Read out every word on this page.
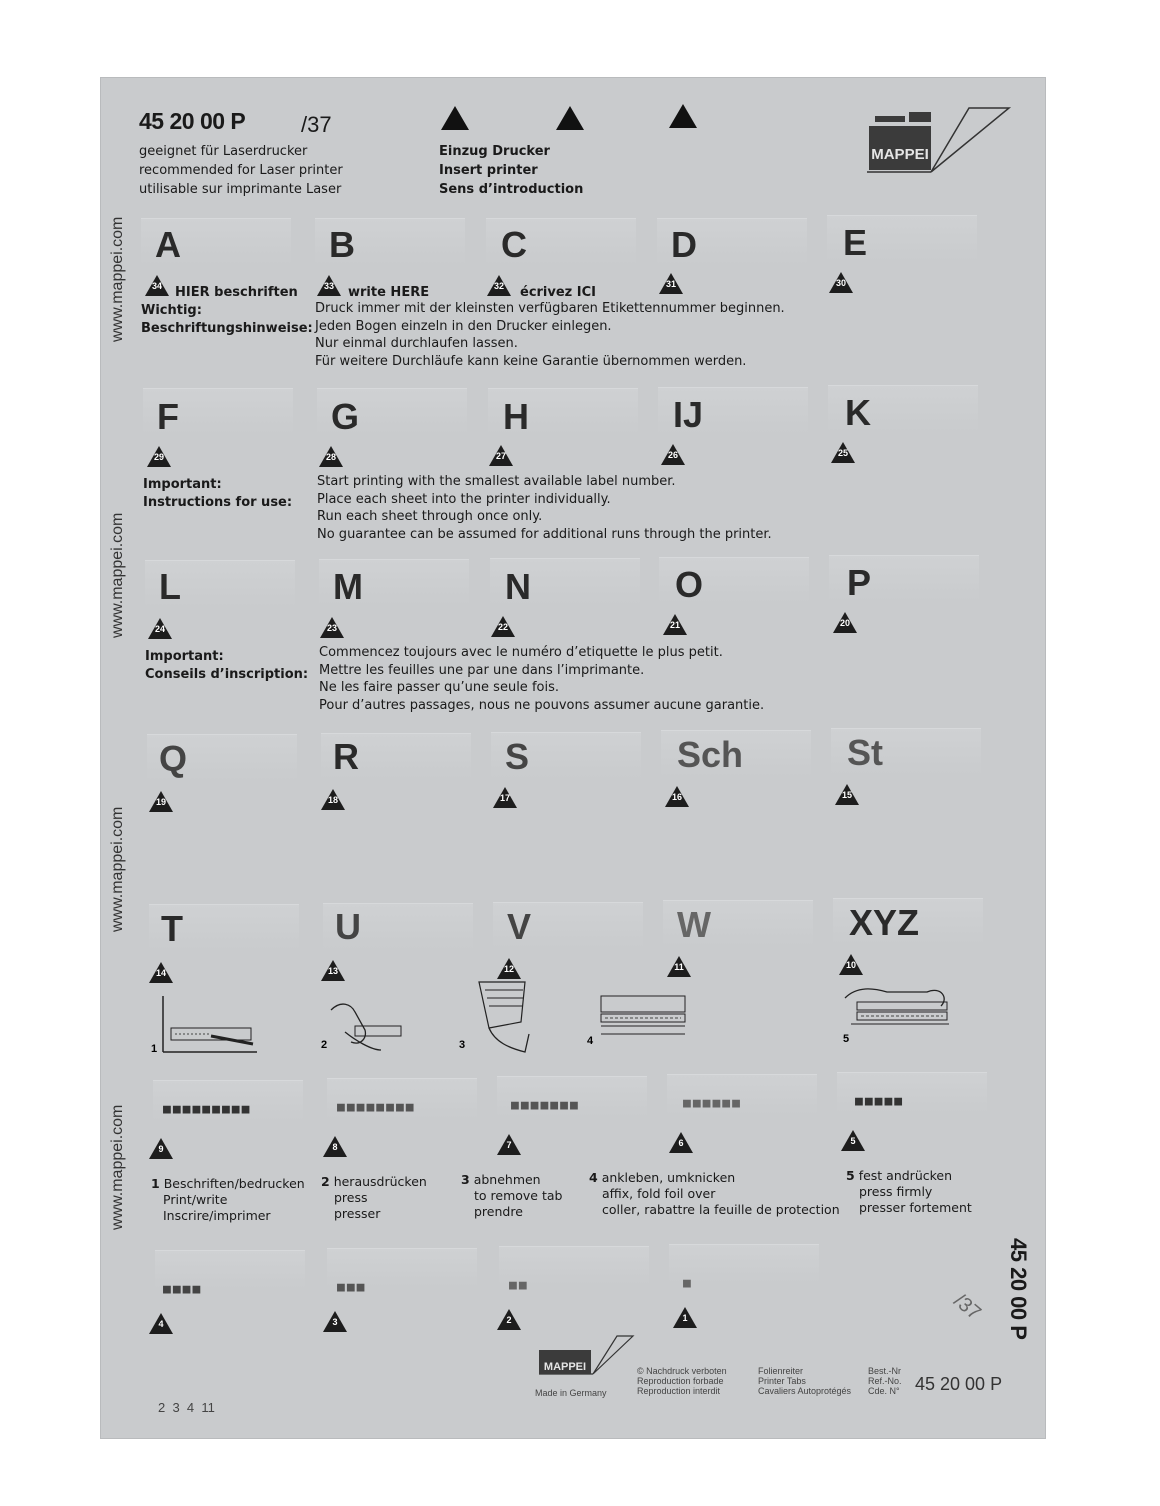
45 20 00 P	/37
geeignet für Laserdrucker
recommended for Laser printer
utilisable sur imprimante Laser
Einzug Drucker
Insert printer
Sens d’introduction
MAPPEI
www.mappei.com
www.mappei.com
www.mappei.com
www.mappei.com
A	B	C	D	E
34	33	32	31	30
HIER beschriften	write HERE	écrivez ICI
Wichtig:
Beschriftungshinweise:
Druck immer mit der kleinsten verfügbaren Etikettennummer beginnen.
Jeden Bogen einzeln in den Drucker einlegen.
Nur einmal durchlaufen lassen.
Für weitere Durchläufe kann keine Garantie übernommen werden.
F	G	H	IJ	K
29	28	27	26	25
Important:
Instructions for use:
Start printing with the smallest available label number.
Place each sheet into the printer individually.
Run each sheet through once only.
No guarantee can be assumed for additional runs through the printer.
L	M	N	O	P
24	23	22	21	20
Important:
Conseils d’inscription:
Commencez toujours avec le numéro d’etiquette le plus petit.
Mettre les feuilles une par une dans l’imprimante.
Ne les faire passer qu’une seule fois.
Pour d’autres passages, nous ne pouvons assumer aucune garantie.
Q	R	S	Sch	St
19	18	17	16	15
T	U	V	W	XYZ
14	13	12	11	10
1	2	3	4	5
■■■■■■■■■	■■■■■■■■	■■■■■■■	■■■■■■	■■■■■
9	8	7	6	5
1 Beschriften/bedrucken
Print/write
Inscrire/imprimer
2 herausdrücken
press
presser
3 abnehmen
to remove tab
prendre
4 ankleben, umknicken
affix, fold foil over
coller, rabattre la feuille de protection
5 fest andrücken
press firmly
presser fortement
■■■■	■■■	■■	■
4	3	2	1	45 20 00 P
/37
MAPPEI
Made in Germany
© Nachdruck verboten
Reproduction forbade
Reproduction interdit
Folienreiter
Printer Tabs
Cavaliers Autoprotégés
Best.-Nr
Ref.-No.
Cde. N° 45 20 00 P
2  3  4  11
